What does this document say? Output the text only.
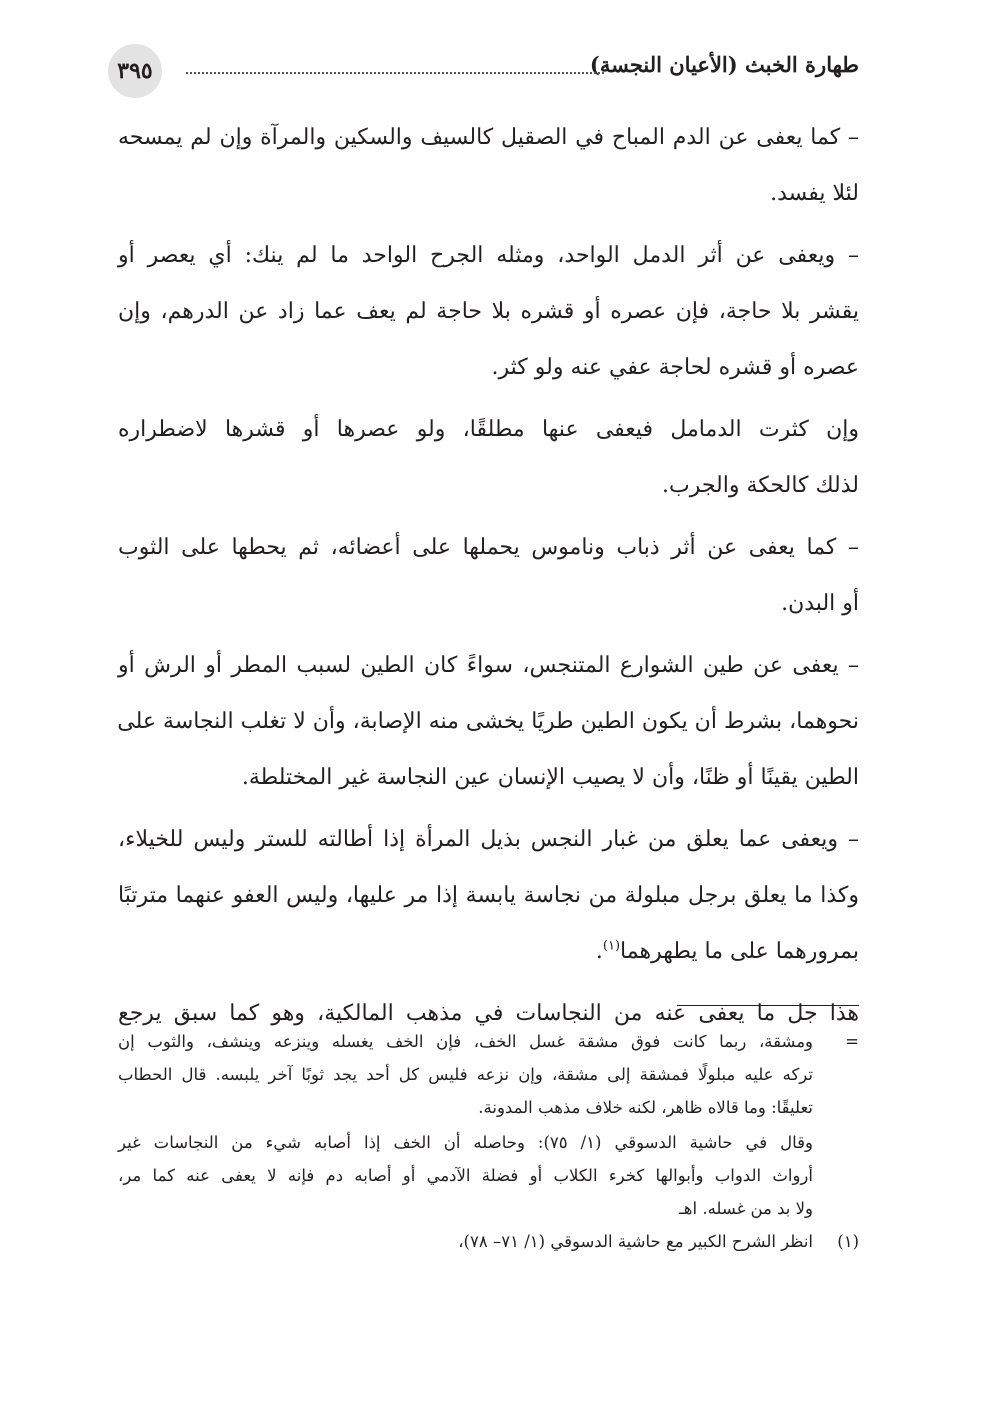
طهارة الخبث (الأعيان النجسة)
٣٩٥

– كما يعفى عن الدم المباح في الصقيل كالسيف والسكين والمرآة وإن لم يمسحه
لئلا يفسد.

– ويعفى عن أثر الدمل الواحد، ومثله الجرح الواحد ما لم ينك: أي يعصر أو
يقشر بلا حاجة، فإن عصره أو قشره بلا حاجة لم يعف عما زاد عن الدرهم، وإن
عصره أو قشره لحاجة عفي عنه ولو كثر.

وإن كثرت الدمامل فيعفى عنها مطلقًا، ولو عصرها أو قشرها لاضطراره
لذلك كالحكة والجرب.

– كما يعفى عن أثر ذباب وناموس يحملها على أعضائه، ثم يحطها على الثوب
أو البدن.

– يعفى عن طين الشوارع المتنجس، سواءً كان الطين لسبب المطر أو الرش أو
نحوهما، بشرط أن يكون الطين طريًا يخشى منه الإصابة، وأن لا تغلب النجاسة على
الطين يقينًا أو ظنًا، وأن لا يصيب الإنسان عين النجاسة غير المختلطة.

– ويعفى عما يعلق من غبار النجس بذيل المرأة إذا أطالته للستر وليس للخيلاء،
وكذا ما يعلق برجل مبلولة من نجاسة يابسة إذا مر عليها، وليس العفو عنهما مترتبًا
بمرورهما على ما يطهرهما$^{(١)}$.

هذا جل ما يعفى عنه من النجاسات في مذهب المالكية، وهو كما سبق يرجع

=
ومشقة، ربما كانت فوق مشقة غسل الخف، فإن الخف يغسله وينزعه وينشف، والثوب إن
تركه عليه مبلولًا فمشقة إلى مشقة، وإن نزعه فليس كل أحد يجد ثوبًا آخر يلبسه. قال الحطاب
تعليقًا: وما قالاه ظاهر، لكنه خلاف مذهب المدونة.
وقال في حاشية الدسوقي (١/ ٧٥): وحاصله أن الخف إذا أصابه شيء من النجاسات غير
أرواث الدواب وأبوالها كخرء الكلاب أو فضلة الآدمي أو أصابه دم فإنه لا يعفى عنه كما مر،
ولا بد من غسله. اهـ
(١)
انظر الشرح الكبير مع حاشية الدسوقي (١/ ٧١– ٧٨)،
